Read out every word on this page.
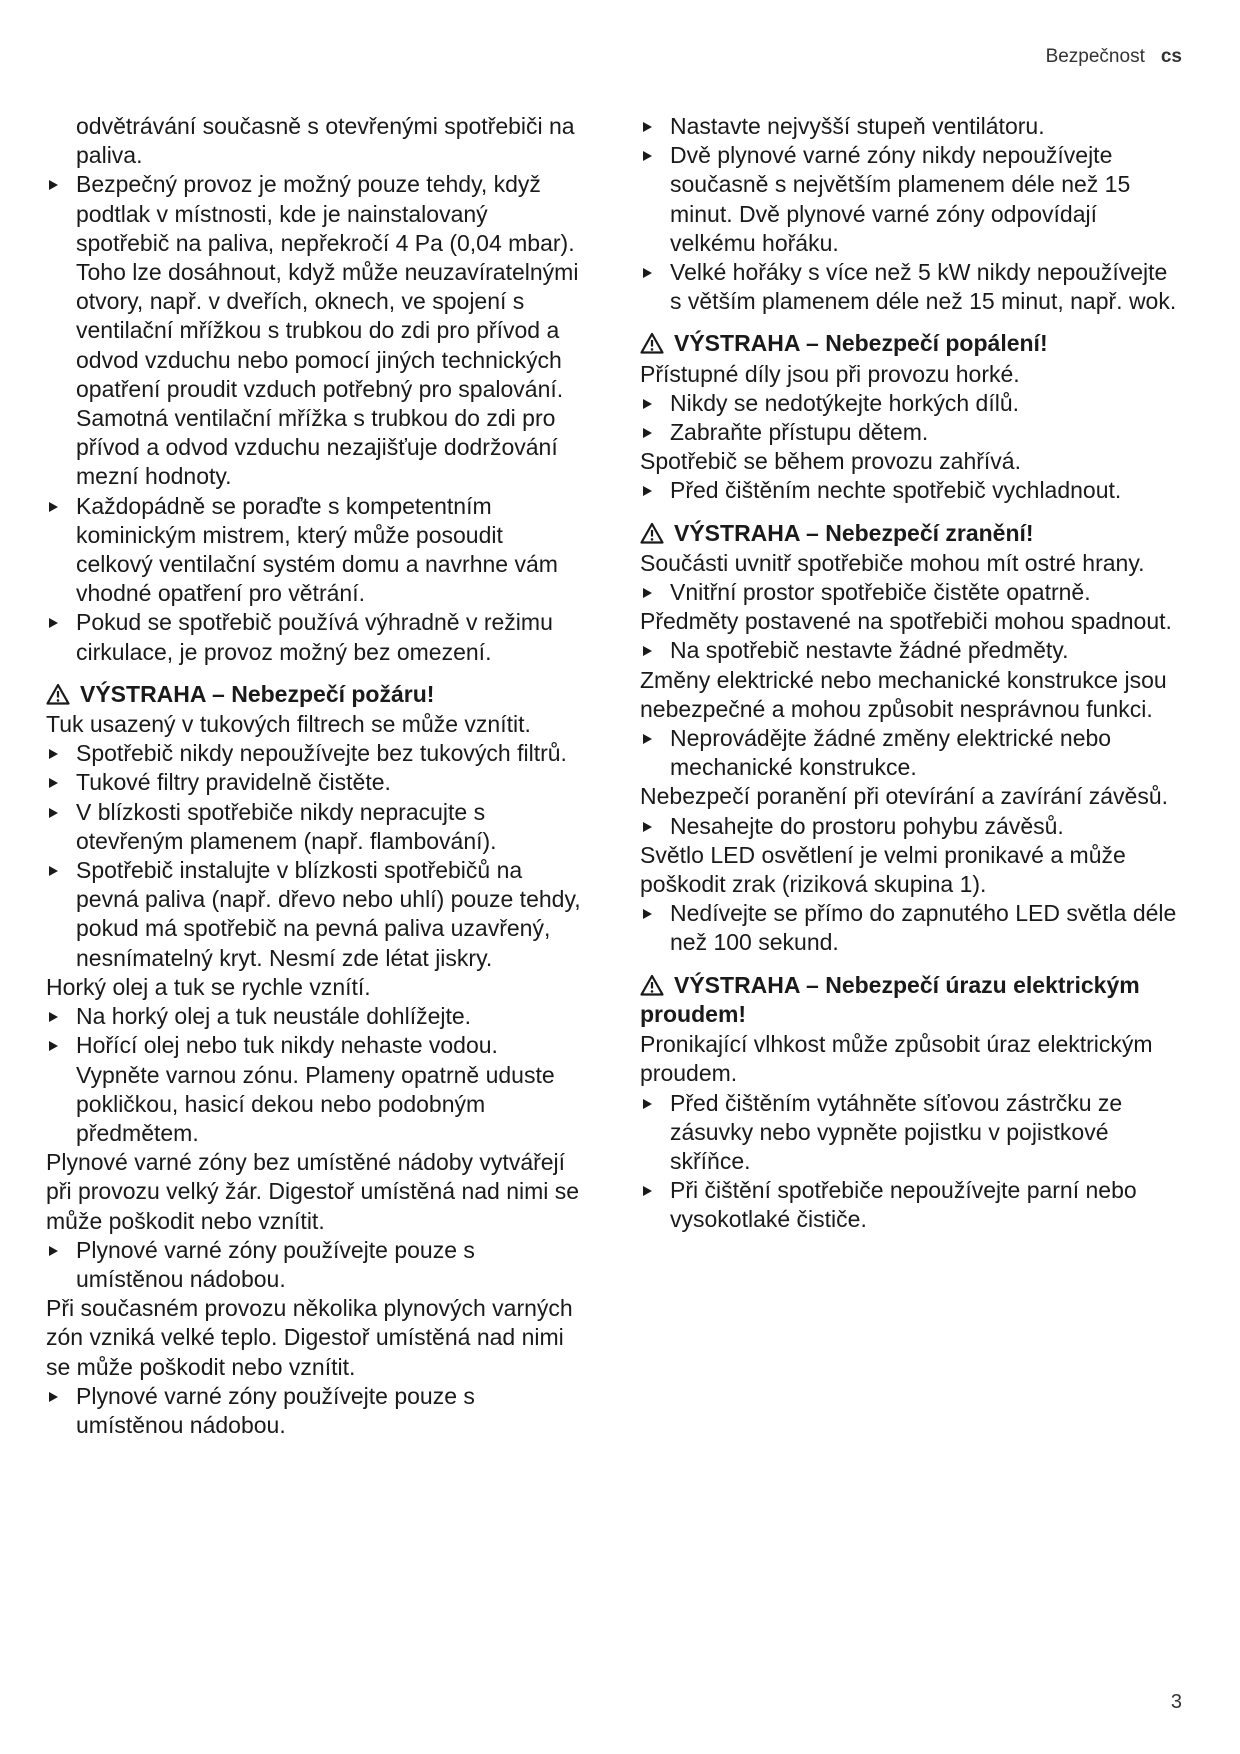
Bezpečnost cs
odvětrávání současně s otevřenými spotřebiči na paliva.
Bezpečný provoz je možný pouze tehdy, když podtlak v místnosti, kde je nainstalovaný spotřebič na paliva, nepřekročí 4 Pa (0,04 mbar). Toho lze dosáhnout, když může neuzavíratelnými otvory, např. v dveřích, oknech, ve spojení s ventilační mřížkou s trubkou do zdi pro přívod a odvod vzduchu nebo pomocí jiných technických opatření proudit vzduch potřebný pro spalování. Samotná ventilační mřížka s trubkou do zdi pro přívod a odvod vzduchu nezajišťuje dodržování mezní hodnoty.
Každopádně se poraďte s kompetentním kominickým mistrem, který může posoudit celkový ventilační systém domu a navrhne vám vhodné opatření pro větrání.
Pokud se spotřebič používá výhradně v režimu cirkulace, je provoz možný bez omezení.
VÝSTRAHA – Nebezpečí požáru!
Tuk usazený v tukových filtrech se může vznítit.
Spotřebič nikdy nepoužívejte bez tukových filtrů.
Tukové filtry pravidelně čistěte.
V blízkosti spotřebiče nikdy nepracujte s otevřeným plamenem (např. flambování).
Spotřebič instalujte v blízkosti spotřebičů na pevná paliva (např. dřevo nebo uhlí) pouze tehdy, pokud má spotřebič na pevná paliva uzavřený, nesnímatelný kryt. Nesmí zde létat jiskry.
Horký olej a tuk se rychle vznítí.
Na horký olej a tuk neustále dohlížejte.
Hořící olej nebo tuk nikdy nehaste vodou. Vypněte varnou zónu. Plameny opatrně uduste pokličkou, hasicí dekou nebo podobným předmětem.
Plynové varné zóny bez umístěné nádoby vytvářejí při provozu velký žár. Digestoř umístěná nad nimi se může poškodit nebo vznítit.
Plynové varné zóny používejte pouze s umístěnou nádobou.
Při současném provozu několika plynových varných zón vzniká velké teplo. Digestoř umístěná nad nimi se může poškodit nebo vznítit.
Plynové varné zóny používejte pouze s umístěnou nádobou.
Nastavte nejvyšší stupeň ventilátoru.
Dvě plynové varné zóny nikdy nepoužívejte současně s největším plamenem déle než 15 minut. Dvě plynové varné zóny odpovídají velkému hořáku.
Velké hořáky s více než 5 kW nikdy nepoužívejte s větším plamenem déle než 15 minut, např. wok.
VÝSTRAHA – Nebezpečí popálení!
Přístupné díly jsou při provozu horké.
Nikdy se nedotýkejte horkých dílů.
Zabraňte přístupu dětem.
Spotřebič se během provozu zahřívá.
Před čištěním nechte spotřebič vychladnout.
VÝSTRAHA – Nebezpečí zranění!
Součásti uvnitř spotřebiče mohou mít ostré hrany.
Vnitřní prostor spotřebiče čistěte opatrně.
Předměty postavené na spotřebiči mohou spadnout.
Na spotřebič nestavte žádné předměty.
Změny elektrické nebo mechanické konstrukce jsou nebezpečné a mohou způsobit nesprávnou funkci.
Neprovádějte žádné změny elektrické nebo mechanické konstrukce.
Nebezpečí poranění při otevírání a zavírání závěsů.
Nesahejte do prostoru pohybu závěsů.
Světlo LED osvětlení je velmi pronikavé a může poškodit zrak (riziková skupina 1).
Nedívejte se přímo do zapnutého LED světla déle než 100 sekund.
VÝSTRAHA – Nebezpečí úrazu elektrickým proudem!
Pronikající vlhkost může způsobit úraz elektrickým proudem.
Před čištěním vytáhněte síťovou zástrčku ze zásuvky nebo vypněte pojistku v pojistkové skříňce.
Při čištění spotřebiče nepoužívejte parní nebo vysokotlaké čističe.
3
